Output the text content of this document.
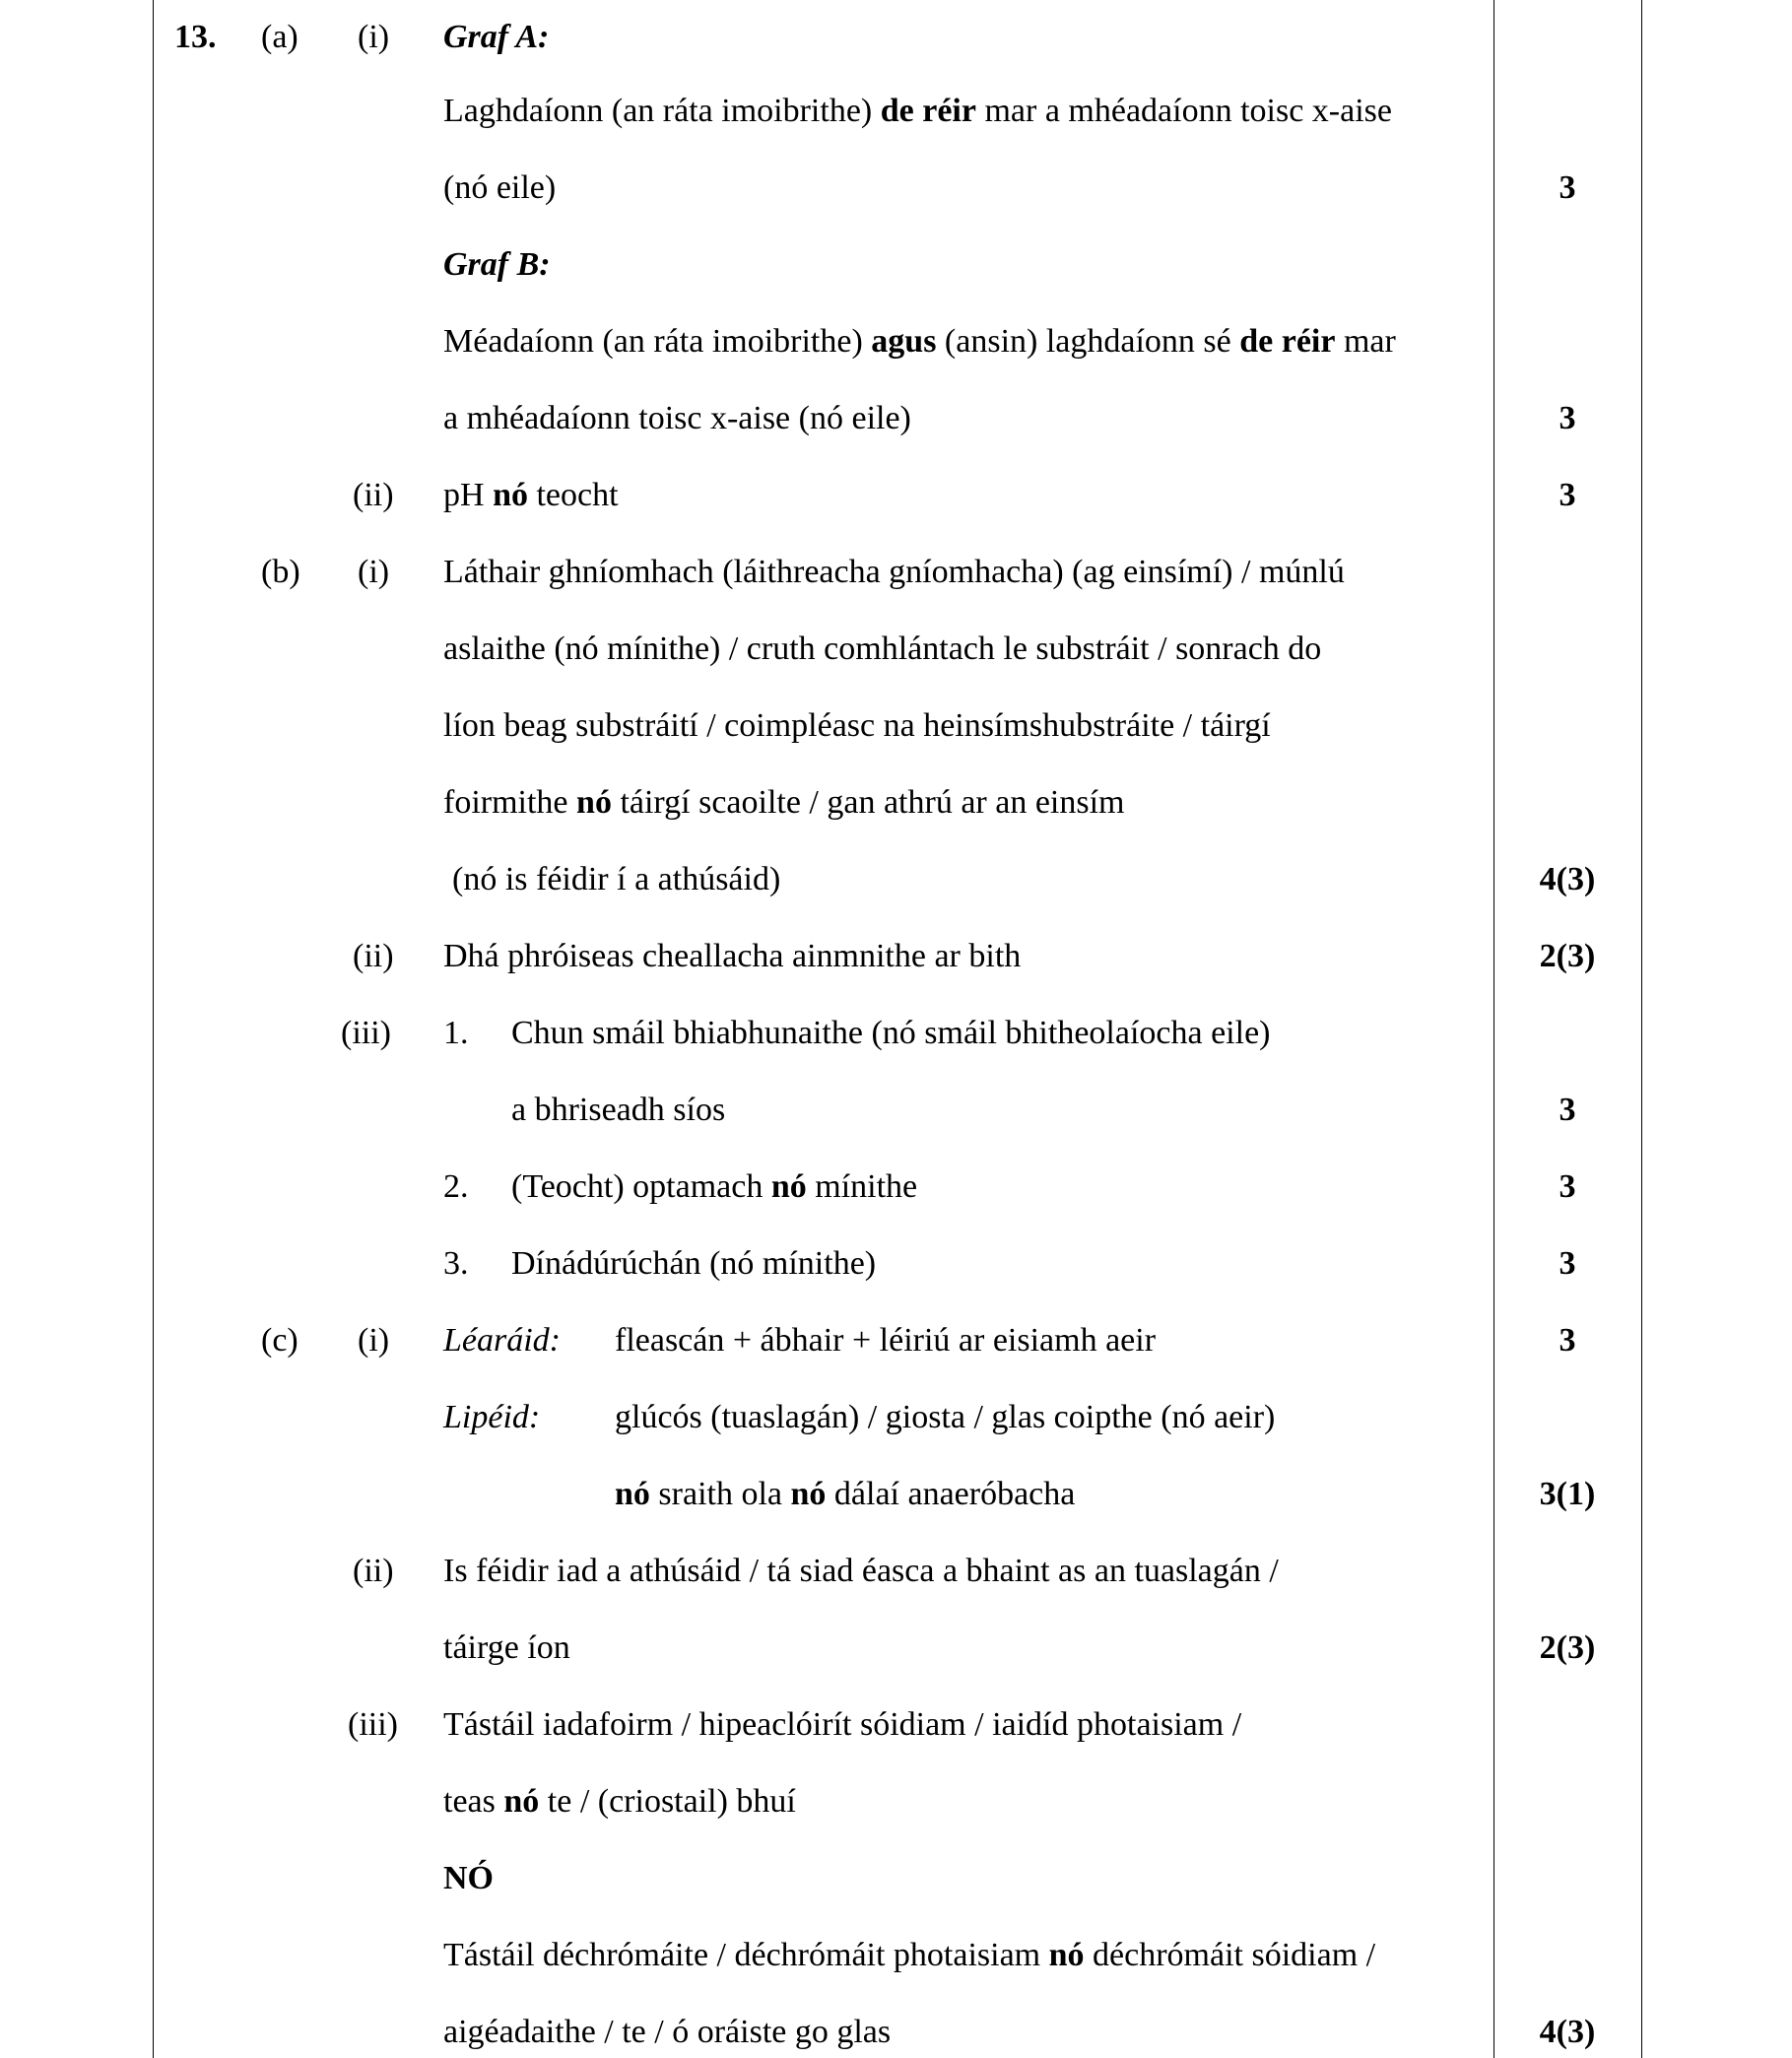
13. (a) (i) Graf A:
Laghdaíonn (an ráta imoibrithe) de réir mar a mhéadaíonn toisc x-aise
(nó eile)	3
Graf B:
Méadaíonn (an ráta imoibrithe) agus (ansin) laghdaíonn sé de réir mar
a mhéadaíonn toisc x-aise (nó eile)	3
(ii) pH nó teocht	3
(b) (i) Láthair ghníomhach (láithreacha gníomhacha) (ag einsímí) / múnlú
aslaithe (nó mínithe) / cruth comhlántach le substráit / sonrach do
líon beag substráití / coimpléasc na heinsímshubstráite / táirgí
foirmithe nó táirgí scaoilte / gan athrú ar an einsím
(nó is féidir í a athúsáid)	4(3)
(ii) Dhá phróiseas cheallacha ainmnithe ar bith	2(3)
(iii) 1. Chun smáil bhiabhunaithe (nó smáil bhitheolaíocha eile)
a bhriseadh síos	3
2. (Teocht) optamach nó mínithe	3
3. Dínádúrúchán (nó mínithe)	3
(c) (i) Léaráid: fleascán + ábhair + léiriú ar eisiamh aeir	3
Lipéid: glúcós (tuaslagán) / giosta / glas coipthe (nó aeir)
nó sraith ola nó dálaí anaeróbacha	3(1)
(ii) Is féidir iad a athúsáid / tá siad éasca a bhaint as an tuaslagán /
táirge íon	2(3)
(iii) Tástáil iadafoirm / hipeaclóirít sóidiam / iaidíd photaisiam /
teas nó te / (criostail) bhuí
NÓ
Tástáil déchrómáite / déchrómáit photaisiam nó déchrómáit sóidiam /
aigéadaithe / te / ó oráiste go glas	4(3)
